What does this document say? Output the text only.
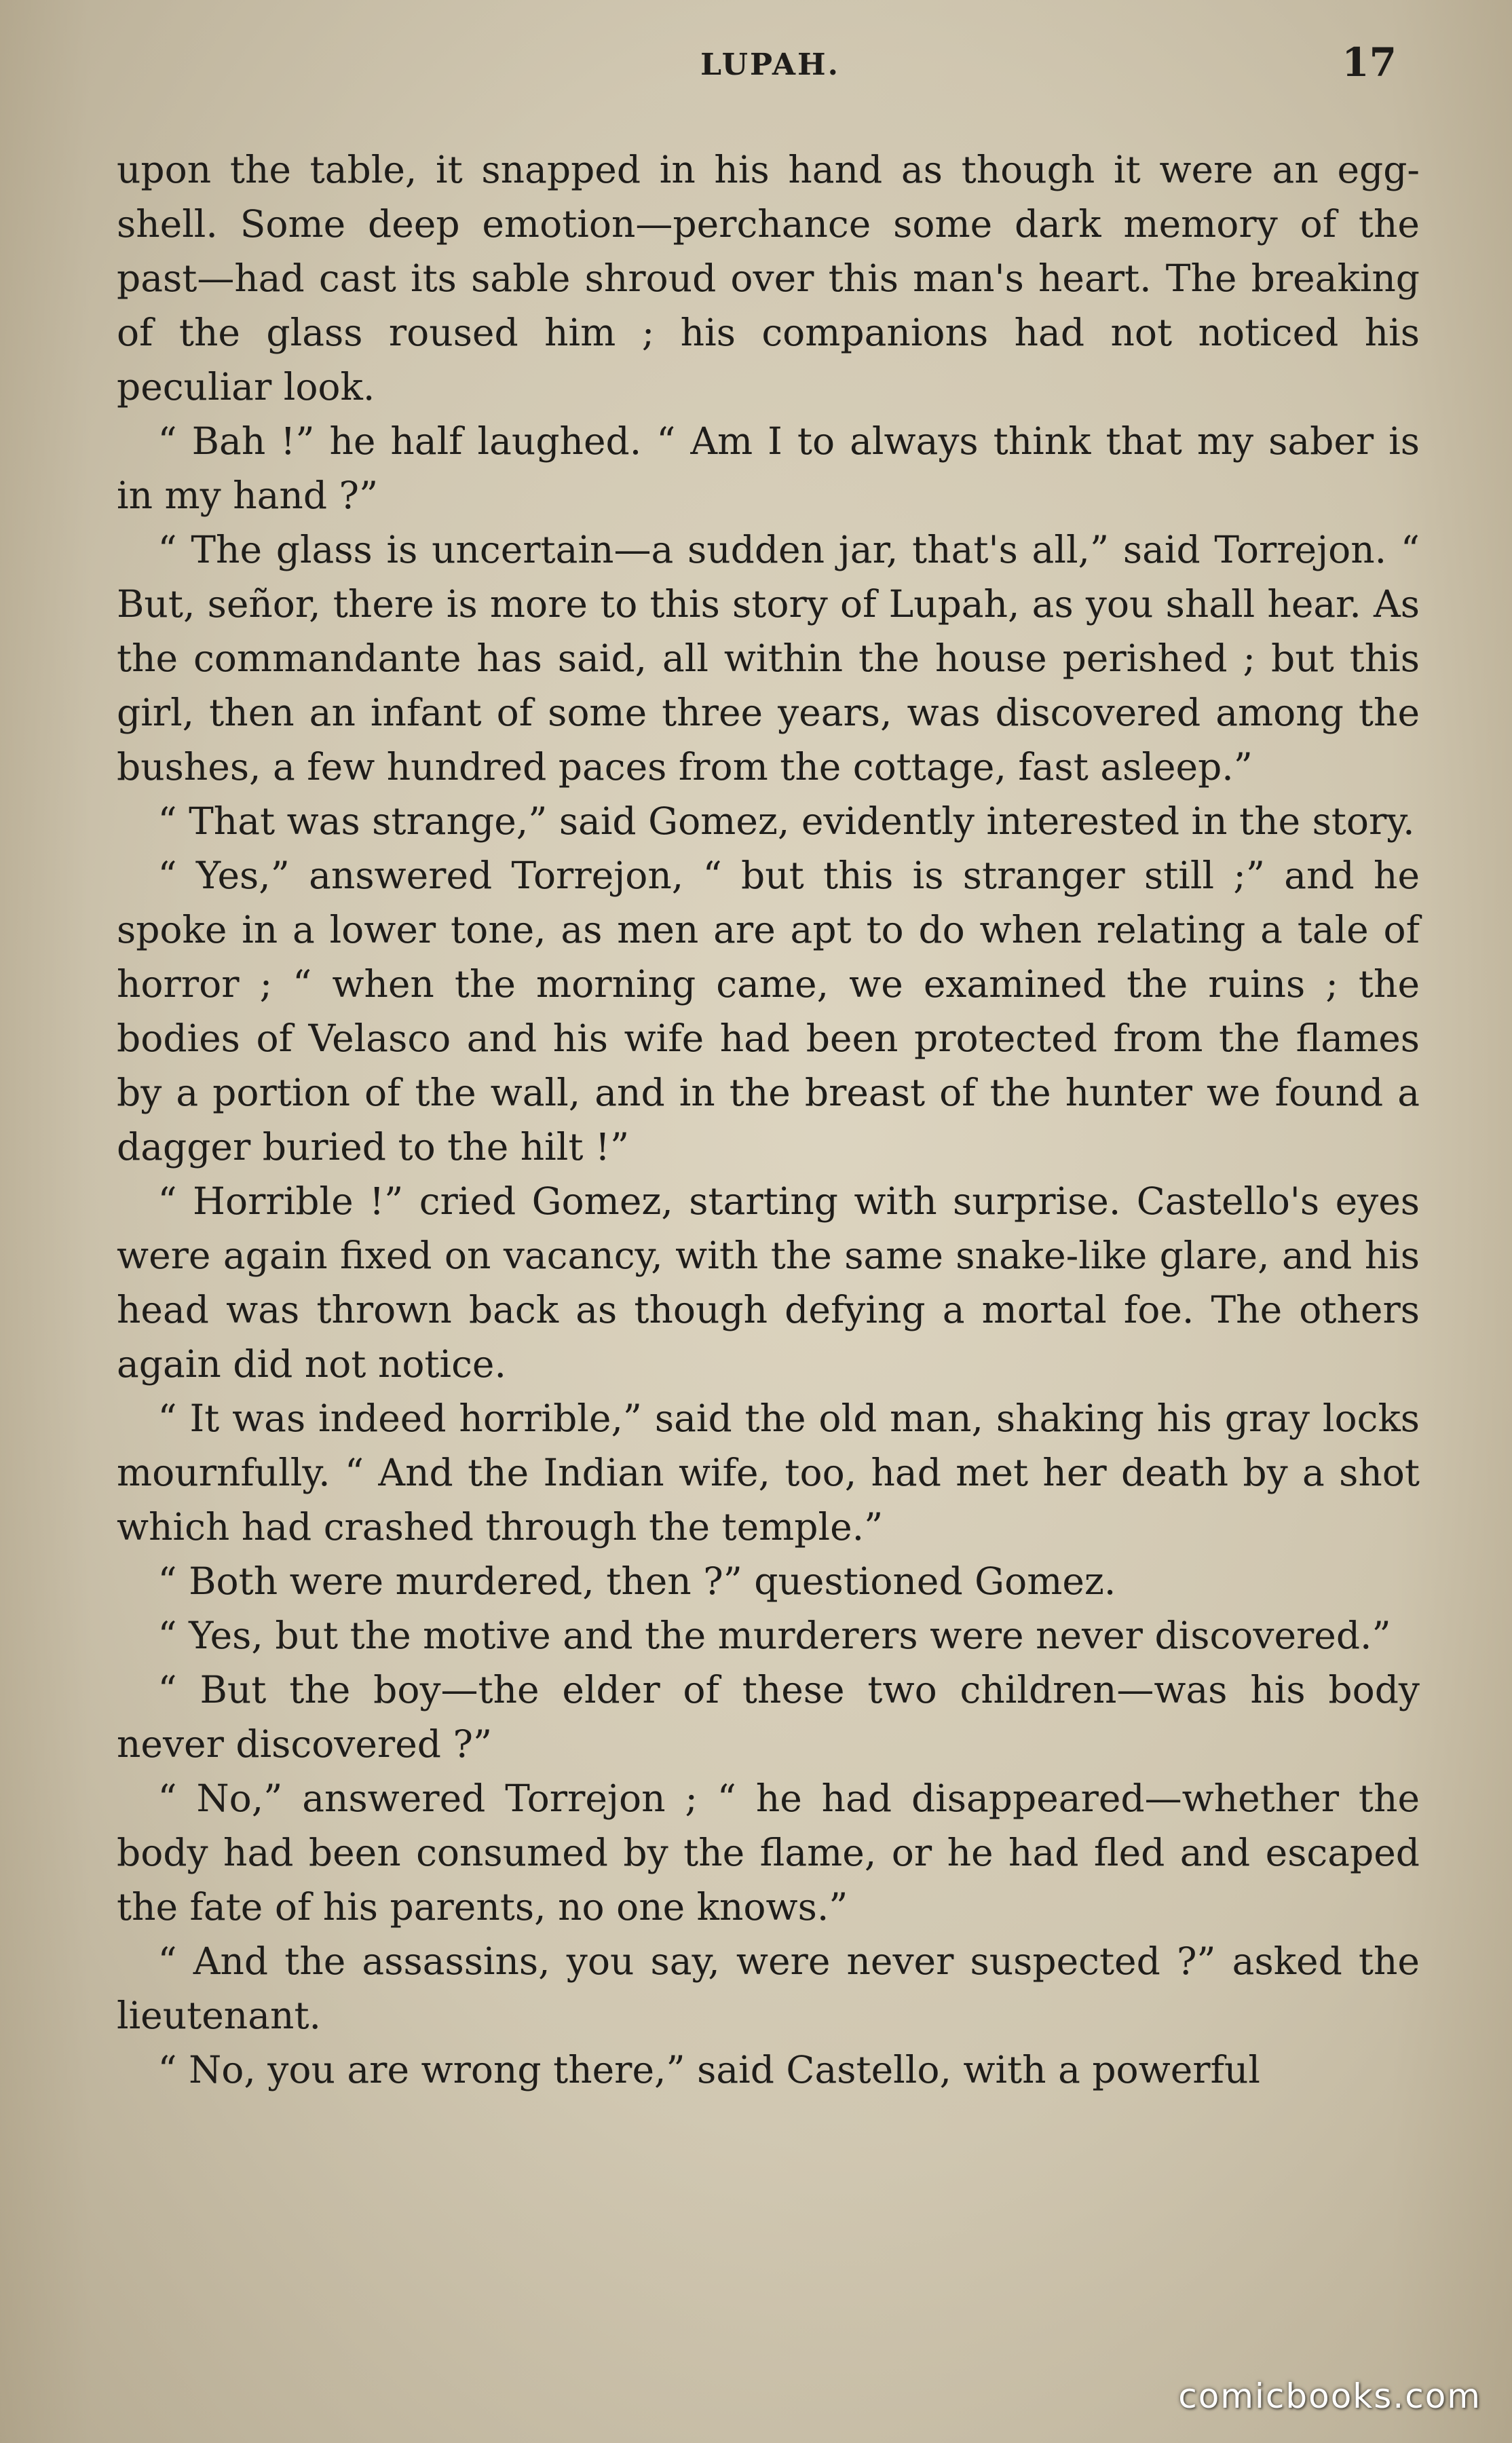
LUPAH.	17

upon the table, it snapped in his hand as though it were an egg-shell. Some deep emotion—perchance some dark memory of the past—had cast its sable shroud over this man's heart. The breaking of the glass roused him ; his companions had not noticed his peculiar look.

“ Bah !” he half laughed. “ Am I to always think that my saber is in my hand ?”

“ The glass is uncertain—a sudden jar, that's all,” said Torrejon. “ But, señor, there is more to this story of Lupah, as you shall hear. As the commandante has said, all within the house perished ; but this girl, then an infant of some three years, was discovered among the bushes, a few hundred paces from the cottage, fast asleep.”

“ That was strange,” said Gomez, evidently interested in the story.

“ Yes,” answered Torrejon, “ but this is stranger still ;” and he spoke in a lower tone, as men are apt to do when relating a tale of horror ; “ when the morning came, we examined the ruins ; the bodies of Velasco and his wife had been protected from the flames by a portion of the wall, and in the breast of the hunter we found a dagger buried to the hilt !”

“ Horrible !” cried Gomez, starting with surprise. Castello's eyes were again fixed on vacancy, with the same snake-like glare, and his head was thrown back as though defying a mortal foe. The others again did not notice.

“ It was indeed horrible,” said the old man, shaking his gray locks mournfully. “ And the Indian wife, too, had met her death by a shot which had crashed through the temple.”

“ Both were murdered, then ?” questioned Gomez.

“ Yes, but the motive and the murderers were never discovered.”

“ But the boy—the elder of these two children—was his body never discovered ?”

“ No,” answered Torrejon ; “ he had disappeared—whether the body had been consumed by the flame, or he had fled and escaped the fate of his parents, no one knows.”

“ And the assassins, you say, were never suspected ?” asked the lieutenant.

“ No, you are wrong there,” said Castello, with a powerful

comicbooks.com
